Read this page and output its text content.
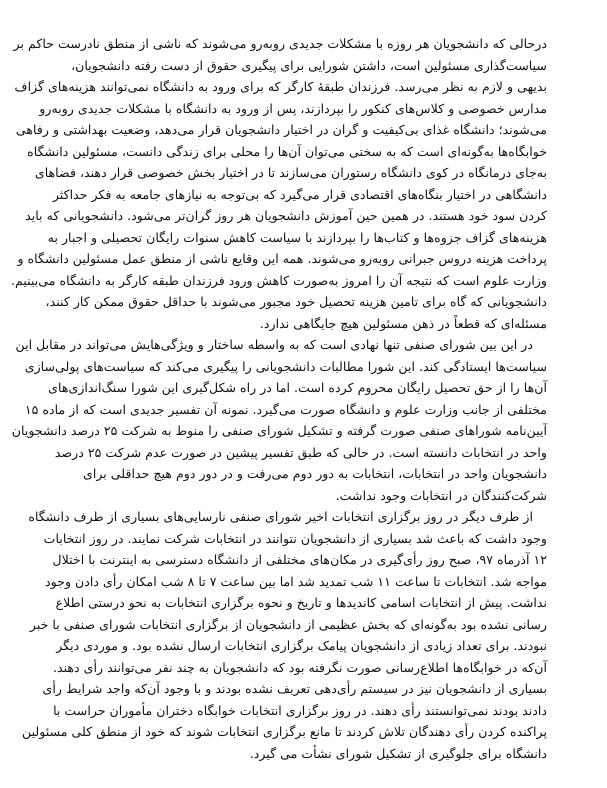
درحالی که دانشجویان هر روزه با مشکلات جدیدی روبه‌رو می‌شوند که ناشی از منطق نادرست حاکم بر
سیاست‌گذاری مسئولین است، داشتن شورایی برای پیگیری حقوق از دست رفته دانشجویان،
بدیهی و لازم به نظر می‌رسد. فرزندان طبقهٔ کارگر که برای ورود به دانشگاه نمی‌توانند هزینه‌های گزاف
مدارس خصوصی و کلاس‌های کنکور را بپردازند، پس از ورود به دانشگاه با مشکلات جدیدی روبه‌رو
می‌شوند؛ دانشگاه غذای بی‌کیفیت و گران در اختیار دانشجویان قرار می‌دهد، وضعیت بهداشتی و رفاهی
خوابگاه‌ها به‌گونه‌ای است که به سختی می‌توان آن‌ها را محلی برای زندگی دانست، مسئولین دانشگاه
به‌جای درمانگاه در کوی دانشگاه رستوران می‌سازند تا در اختیار بخش خصوصی قرار دهند، فضاهای
دانشگاهی در اختیار بنگاه‌های اقتصادی قرار می‌گیرد که بی‌توجه به نیازهای جامعه به فکر حداکثر
کردن سود خود هستند. در همین حین آموزش دانشجویان هر روز گران‌تر می‌شود. دانشجویانی که باید
هزینه‌های گزاف جزوه‌ها و کتاب‌ها را بپردازند با سیاست کاهش سنوات رایگان تحصیلی و اجبار به
پرداخت هزینه دروس جبرانی روبه‌رو می‌شوند. همه این وقایع ناشی از منطق عمل مسئولین دانشگاه و
وزارت علوم است که نتیجه آن را امروز به‌صورت کاهش ورود فرزندان طبقه کارگر به دانشگاه می‌بینیم.
دانشجویانی که گاه برای تامین هزینه تحصیل خود مجبور می‌شوند با حداقل حقوق ممکن کار کنند،
مسئله‌ای که قطعاً در ذهن مسئولین هیچ جایگاهی ندارد.
در این بین شورای صنفی تنها نهادی است که به واسطه ساختار و ویژگی‌هایش می‌تواند در مقابل این
سیاست‌ها ایستادگی کند. این شورا مطالبات دانشجویانی را پیگیری می‌کند که سیاست‌های پولی‌سازی
آن‌ها را از حق تحصیل رایگان محروم کرده است. اما در راه شکل‌گیری این شورا سنگ‌اندازی‌های
مختلفی از جانب وزارت علوم و دانشگاه صورت می‌گیرد. نمونه آن تفسیر جدیدی است که از ماده ۱۵
آیین‌نامه شوراهای صنفی صورت گرفته و تشکیل شورای صنفی را منوط به شرکت ۲۵ درصد دانشجویان
واحد در انتخابات دانسته است. در حالی که طبق تفسیر پیشین در صورت عدم شرکت ۲۵ درصد
دانشجویان واحد در انتخابات، انتخابات به دور دوم می‌رفت و در دور دوم هیچ حداقلی برای
شرکت‌کنندگان در انتخابات وجود نداشت.
از طرف دیگر در روز برگزاری انتخابات اخیر شورای صنفی نارسایی‌های بسیاری از طرف دانشگاه
وجود داشت که باعث شد بسیاری از دانشجویان نتوانند در انتخابات شرکت نمایند. در روز انتخابات
۱۲ آذرماه ۹۷، صبح روز رأی‌گیری در مکان‌های مختلفی از دانشگاه دسترسی به اینترنت با اختلال
مواجه شد. انتخابات تا ساعت ۱۱ شب تمدید شد اما بین ساعت ۷ تا ۸ شب امکان رأی دادن وجود
نداشت. پیش از انتخابات اسامی کاندیدها و تاریخ و نحوه برگزاری انتخابات به نحو درستی اطلاع
رسانی نشده بود به‌گونه‌ای که بخش عظیمی از دانشجویان از برگزاری انتخابات شورای صنفی با خبر
نبودند. برای تعداد زیادی از دانشجویان پیامک برگزاری انتخابات ارسال نشده بود. و موردی دیگر
آن‌که در خوابگاه‌ها اطلاع‌رسانی صورت نگرفته بود که دانشجویان به چند نفر می‌توانند رأی دهند.
بسیاری از دانشجویان نیز در سیستم رأی‌دهی تعریف نشده بودند و با وجود آن‌که واجد شرایط رأی
دادند بودند نمی‌توانستند رأی دهند. در روز برگزاری انتخابات خوابگاه دختران مأموران حراست با
پراکنده کردن رأی دهندگان تلاش کردند تا مانع برگزاری انتخابات شوند که خود از منطق کلی مسئولین
دانشگاه برای جلوگیری از تشکیل شورای نشأت می گیرد.
